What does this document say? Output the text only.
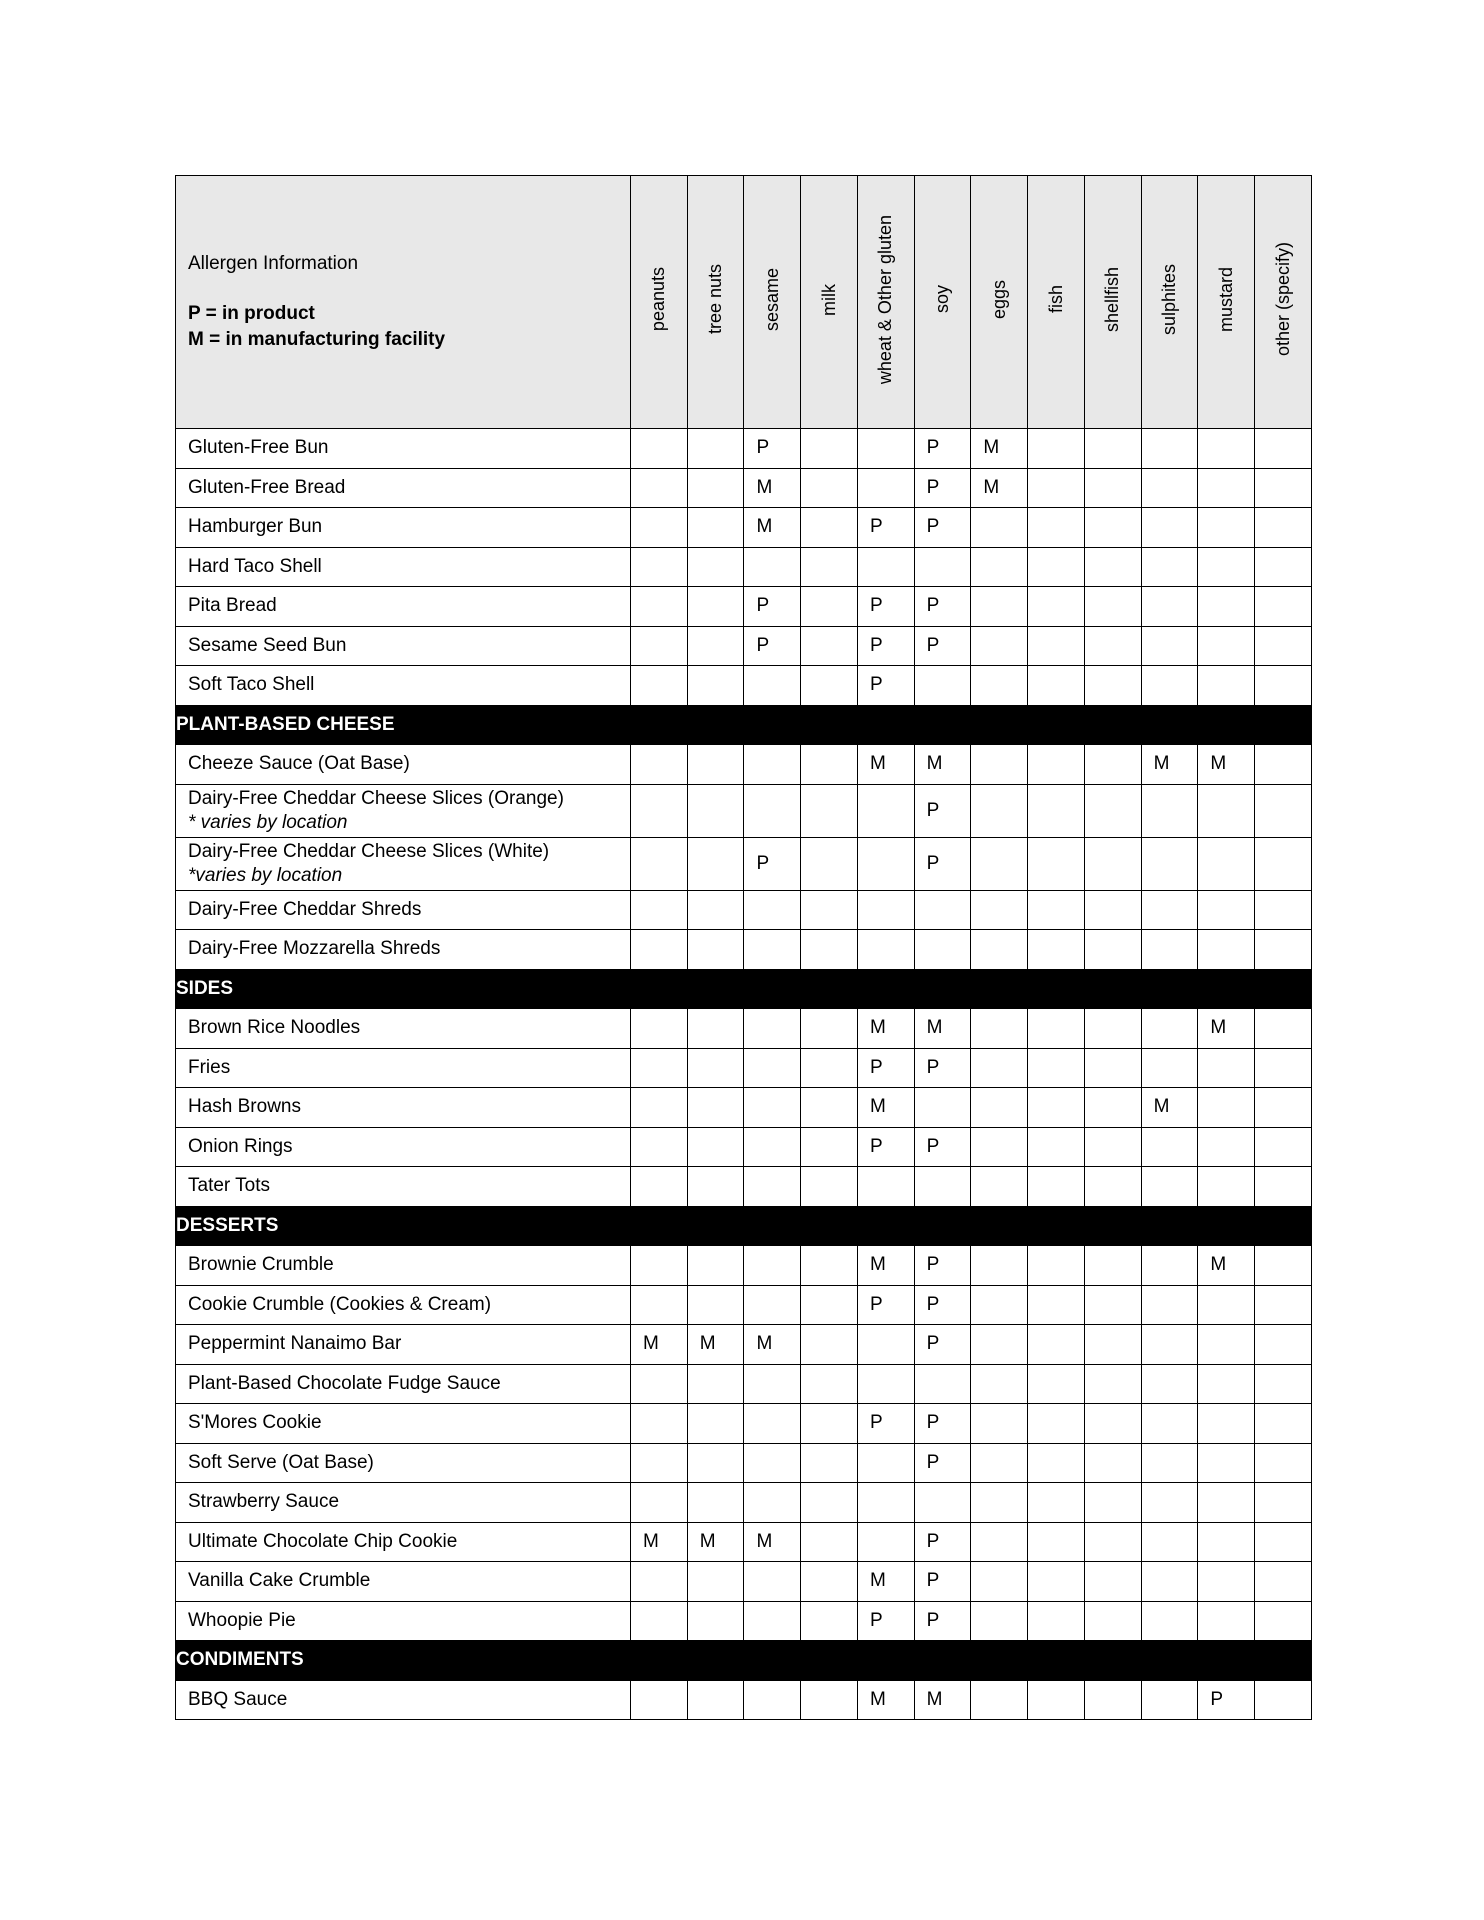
Allergen Information
P = in product
M = in manufacturing facility	peanuts	tree nuts	sesame	milk	wheat & Other gluten	soy	eggs	fish	shellfish	sulphites	mustard	other (specify)
Gluten-Free Bun			P			P	M					
Gluten-Free Bread			M			P	M					
Hamburger Bun			M		P	P						
Hard Taco Shell												
Pita Bread			P		P	P						
Sesame Seed Bun			P		P	P						
Soft Taco Shell					P							
PLANT-BASED CHEESE												
Cheeze Sauce (Oat Base)					M	M				M	M	
Dairy-Free Cheddar Cheese Slices (Orange)
* varies by location						P						
Dairy-Free Cheddar Cheese Slices (White)
*varies by location			P			P						
Dairy-Free Cheddar Shreds												
Dairy-Free Mozzarella Shreds												
SIDES												
Brown Rice Noodles					M	M					M	
Fries					P	P						
Hash Browns					M					M		
Onion Rings					P	P						
Tater Tots												
DESSERTS												
Brownie Crumble					M	P					M	
Cookie Crumble (Cookies & Cream)					P	P						
Peppermint Nanaimo Bar	M	M	M			P						
Plant-Based Chocolate Fudge Sauce												
S'Mores Cookie					P	P						
Soft Serve (Oat Base)						P						
Strawberry Sauce												
Ultimate Chocolate Chip Cookie	M	M	M			P						
Vanilla Cake Crumble					M	P						
Whoopie Pie					P	P						
CONDIMENTS												
BBQ Sauce					M	M					P	
